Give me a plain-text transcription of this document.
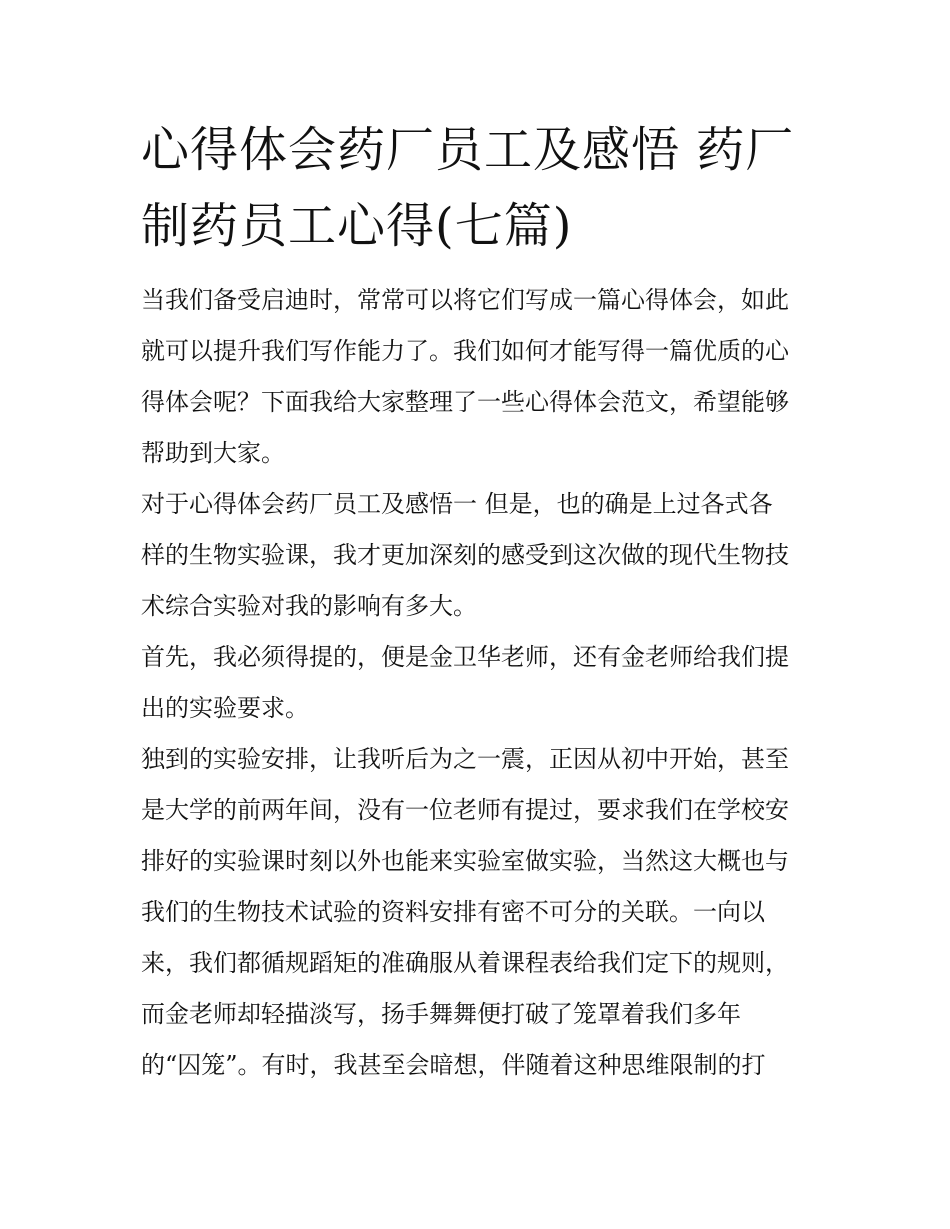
心得体会药厂员工及感悟 药厂
制药员工心得(七篇)
当我们备受启迪时，常常可以将它们写成一篇心得体会，如此
就可以提升我们写作能力了。我们如何才能写得一篇优质的心
得体会呢？下面我给大家整理了一些心得体会范文，希望能够
帮助到大家。
对于心得体会药厂员工及感悟一 但是，也的确是上过各式各
样的生物实验课，我才更加深刻的感受到这次做的现代生物技
术综合实验对我的影响有多大。
首先，我必须得提的，便是金卫华老师，还有金老师给我们提
出的实验要求。
独到的实验安排，让我听后为之一震，正因从初中开始，甚至
是大学的前两年间，没有一位老师有提过，要求我们在学校安
排好的实验课时刻以外也能来实验室做实验，当然这大概也与
我们的生物技术试验的资料安排有密不可分的关联。一向以
来，我们都循规蹈矩的准确服从着课程表给我们定下的规则，
而金老师却轻描淡写，扬手舞舞便打破了笼罩着我们多年
的“囚笼”。有时，我甚至会暗想，伴随着这种思维限制的打
